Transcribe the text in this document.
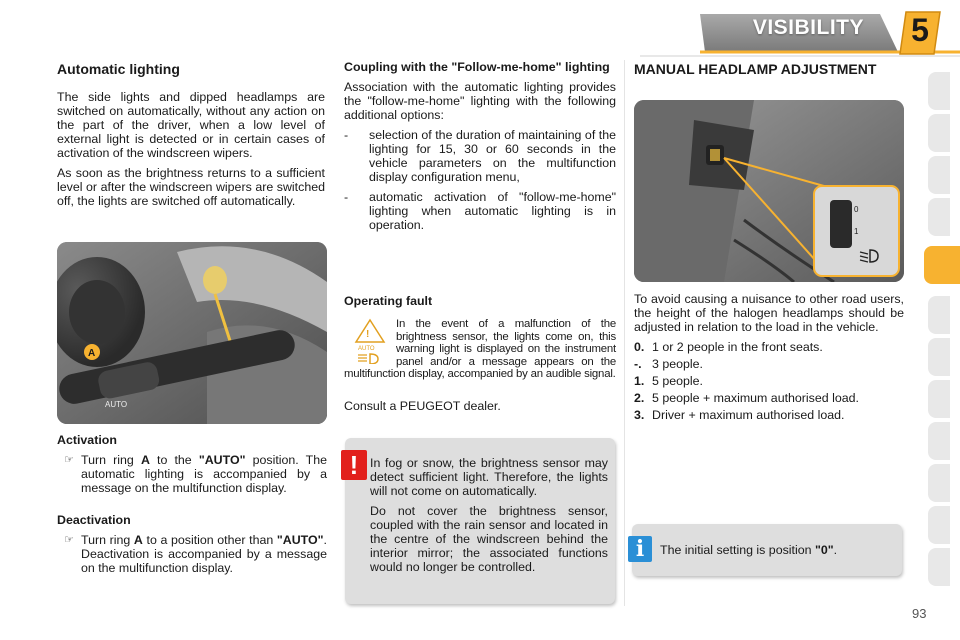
VISIBILITY	5
Automatic lighting

The side lights and dipped headlamps are switched on automatically, without any action on the part of the driver, when a low level of external light is detected or in certain cases of activation of the windscreen wipers.

As soon as the brightness returns to a sufficient level or after the windscreen wipers are switched off, the lights are switched off automatically.

AUTO
A
Activation
☞ Turn ring A to the "AUTO" position. The automatic lighting is accompanied by a message on the multifunction display.
Deactivation
☞ Turn ring A to a position other than "AUTO". Deactivation is accompanied by a message on the multifunction display.
Coupling with the "Follow-me-home" lighting

Association with the automatic lighting provides the "follow-me-home" lighting with the following additional options:

-	selection of the duration of maintaining of the lighting for 15, 30 or 60 seconds in the vehicle parameters on the multifunction display configuration menu,
-	automatic activation of "follow-me-home" lighting when automatic lighting is in operation.
Operating fault

In the event of a malfunction of the brightness sensor, the lights come on, this warning light is displayed on the instrument panel and/or a message appears on the multifunction display, accompanied by an audible signal.

!
AUTO
Consult a PEUGEOT dealer.
! In fog or snow, the brightness sensor may detect sufficient light. Therefore, the lights will not come on automatically.

Do not cover the brightness sensor, coupled with the rain sensor and located in the centre of the windscreen behind the interior mirror; the associated functions would no longer be controlled.

MANUAL HEADLAMP ADJUSTMENT
0
1

To avoid causing a nuisance to other road users, the height of the halogen headlamps should be adjusted in relation to the load in the vehicle.

0. 1 or 2 people in the front seats.
-. 3 people.
1. 5 people.
2. 5 people + maximum authorised load.
3. Driver + maximum authorised load.
i	The initial setting is position "0".
93
